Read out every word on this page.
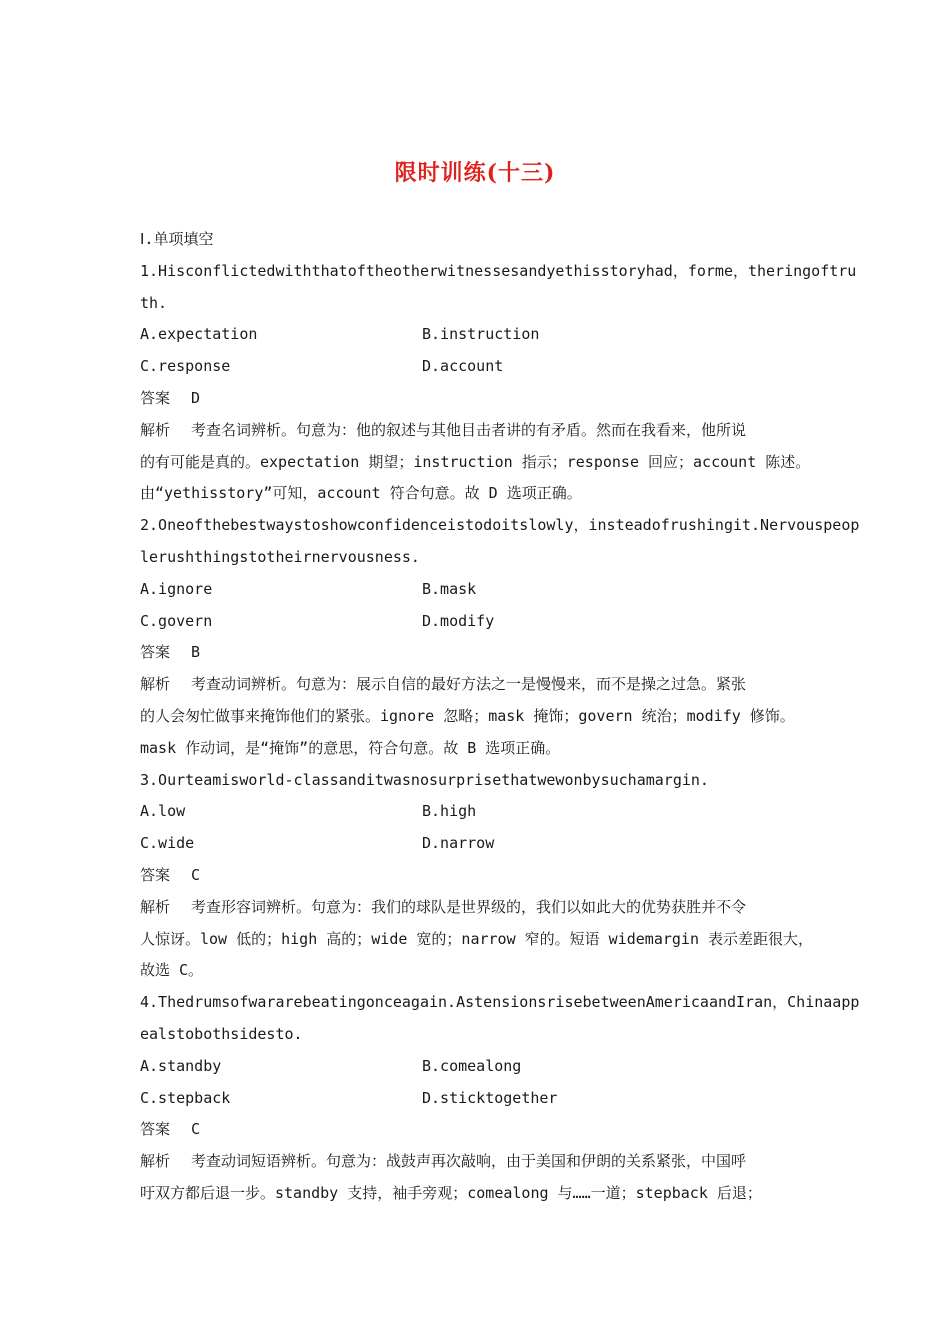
限时训练(十三)
Ⅰ.单项填空
1.Hisconflictedwiththatoftheotherwitnessesandyethisstoryhad，forme，theringoftru
th.
A.expectation	B.instruction
C.response	D.account
答案 D
解析 考查名词辨析。句意为：他的叙述与其他目击者讲的有矛盾。然而在我看来，他所说
的有可能是真的。expectation 期望；instruction 指示；response 回应；account 陈述。
由“yethisstory”可知，account 符合句意。故 D 选项正确。
2.Oneofthebestwaystoshowconfidenceistodoitslowly，insteadofrushingit.Nervouspeop
lerushthingstotheirnervousness.
A.ignore	B.mask
C.govern	D.modify
答案 B
解析 考查动词辨析。句意为：展示自信的最好方法之一是慢慢来，而不是操之过急。紧张
的人会匆忙做事来掩饰他们的紧张。ignore 忽略；mask 掩饰；govern 统治；modify 修饰。
mask 作动词，是“掩饰”的意思，符合句意。故 B 选项正确。
3.Ourteamisworld-classanditwasnosurprisethatwewonbysuchamargin.
A.low	B.high
C.wide	D.narrow
答案 C
解析 考查形容词辨析。句意为：我们的球队是世界级的，我们以如此大的优势获胜并不令
人惊讶。low 低的；high 高的；wide 宽的；narrow 窄的。短语 widemargin 表示差距很大，
故选 C。
4.Thedrumsofwararebeatingonceagain.AstensionsrisebetweenAmericaandIran，Chinaapp
ealstobothsidesto.
A.standby	B.comealong
C.stepback	D.sticktogether
答案 C
解析 考查动词短语辨析。句意为：战鼓声再次敲响，由于美国和伊朗的关系紧张，中国呼
吁双方都后退一步。standby 支持，袖手旁观；comealong 与……一道；stepback 后退；
